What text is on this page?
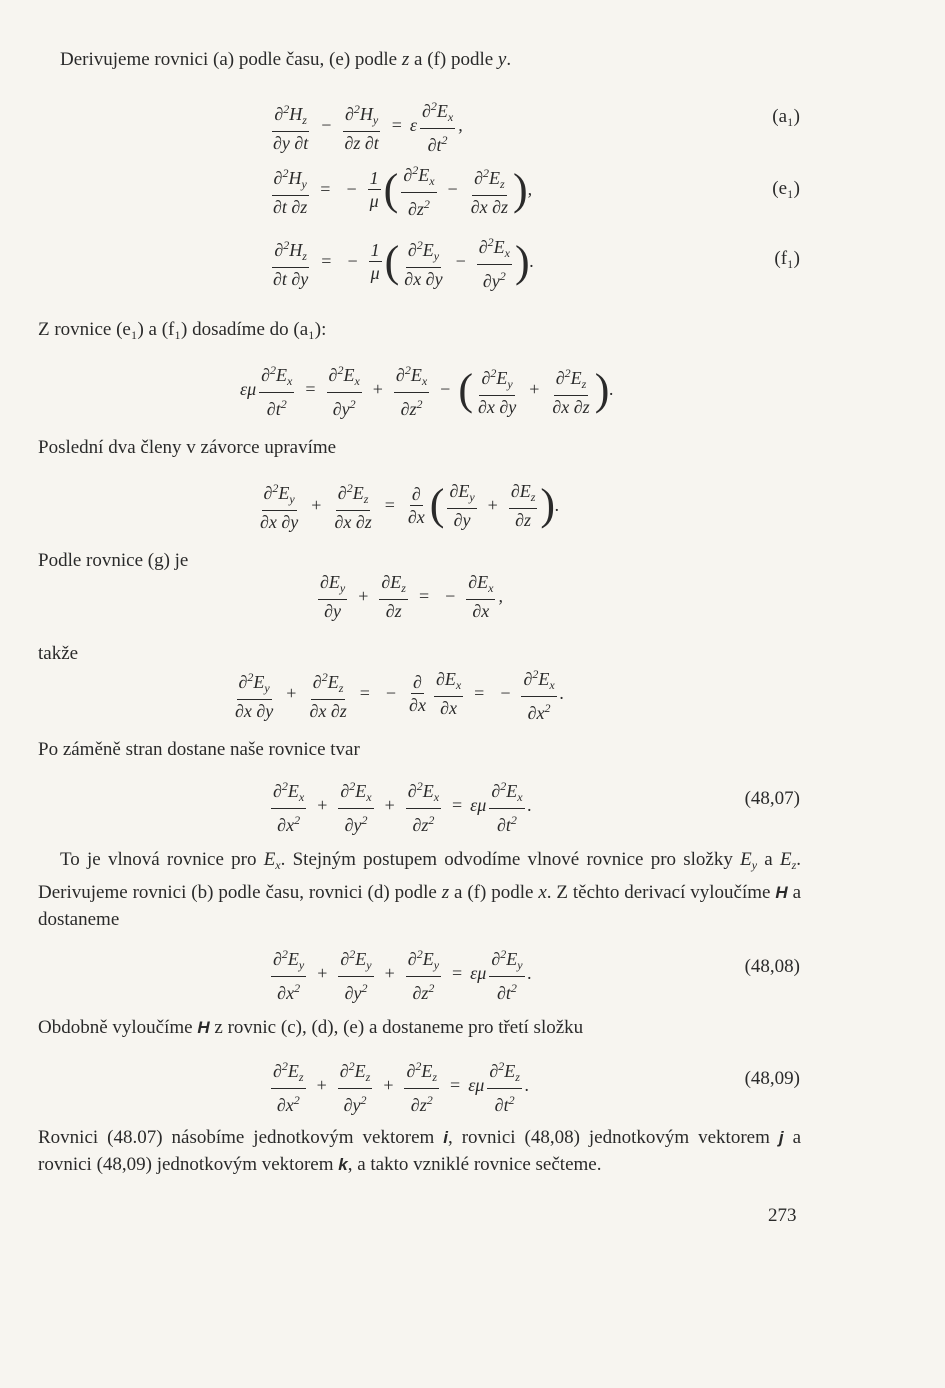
Derivujeme rovnici (a) podle času, (e) podle z a (f) podle y.
$\frac{\partial^2H_z}{\partial y \partial t} - \frac{\partial^2H_y}{\partial z \partial t} = \varepsilon \frac{\partial^2E_x}{\partial t^2}$ ,	(a₁)
$\frac{\partial^2H_y}{\partial t \partial z}$ = − $\frac{1}{\mu}$ ( $\frac{\partial^2E_x}{\partial z^2} - \frac{\partial^2E_z}{\partial x \partial z}$ ) ,	(e₁)
$\frac{\partial^2H_z}{\partial t \partial y}$ = − $\frac{1}{\mu}$ ( $\frac{\partial^2E_y}{\partial x \partial y} - \frac{\partial^2E_x}{\partial y^2}$ ) .	(f₁)
Z rovnice (e₁) a (f₁) dosadíme do (a₁):
εμ $\frac{\partial^2E_x}{\partial t^2} = \frac{\partial^2E_x}{\partial y^2} + \frac{\partial^2E_x}{\partial z^2}$ − ( $\frac{\partial^2E_y}{\partial x \partial y} + \frac{\partial^2E_z}{\partial x \partial z}$ ) .
Poslední dva členy v závorce upravíme
$\frac{\partial^2E_y}{\partial x \partial y} + \frac{\partial^2E_z}{\partial x \partial z} = \frac{\partial}{\partial x}$ ( $\frac{\partial E_y}{\partial y} + \frac{\partial E_z}{\partial z}$ ) .
Podle rovnice (g) je
$\frac{\partial E_y}{\partial y} + \frac{\partial E_z}{\partial z}$ = − $\frac{\partial E_x}{\partial x}$ ,
takže
$\frac{\partial^2E_y}{\partial x \partial y} + \frac{\partial^2E_z}{\partial x \partial z}$ = − $\frac{\partial}{\partial x} \frac{\partial E_x}{\partial x}$ = − $\frac{\partial^2E_x}{\partial x^2}$ .
Po záměně stran dostane naše rovnice tvar
$\frac{\partial^2E_x}{\partial x^2} + \frac{\partial^2E_x}{\partial y^2} + \frac{\partial^2E_x}{\partial z^2} = \varepsilon\mu \frac{\partial^2E_x}{\partial t^2}$ .	(48,07)
To je vlnová rovnice pro $E_x$. Stejným postupem odvodíme vlnové rovnice pro složky $E_y$ a $E_z$. Derivujeme rovnici (b) podle času, rovnici (d) podle z a (f) podle x. Z těchto derivací vyloučíme H a dostaneme
$\frac{\partial^2E_y}{\partial x^2} + \frac{\partial^2E_y}{\partial y^2} + \frac{\partial^2E_y}{\partial z^2} = \varepsilon\mu \frac{\partial^2E_y}{\partial t^2}$ .	(48,08)
Obdobně vyloučíme H z rovnic (c), (d), (e) a dostaneme pro třetí složku
$\frac{\partial^2E_z}{\partial x^2} + \frac{\partial^2E_z}{\partial y^2} + \frac{\partial^2E_z}{\partial z^2} = \varepsilon\mu \frac{\partial^2E_z}{\partial t^2}$ .	(48,09)
Rovnici (48.07) násobíme jednotkovým vektorem i, rovnici (48,08) jednotkovým vektorem j a rovnici (48,09) jednotkovým vektorem k, a takto vzniklé rovnice sečteme.
273
